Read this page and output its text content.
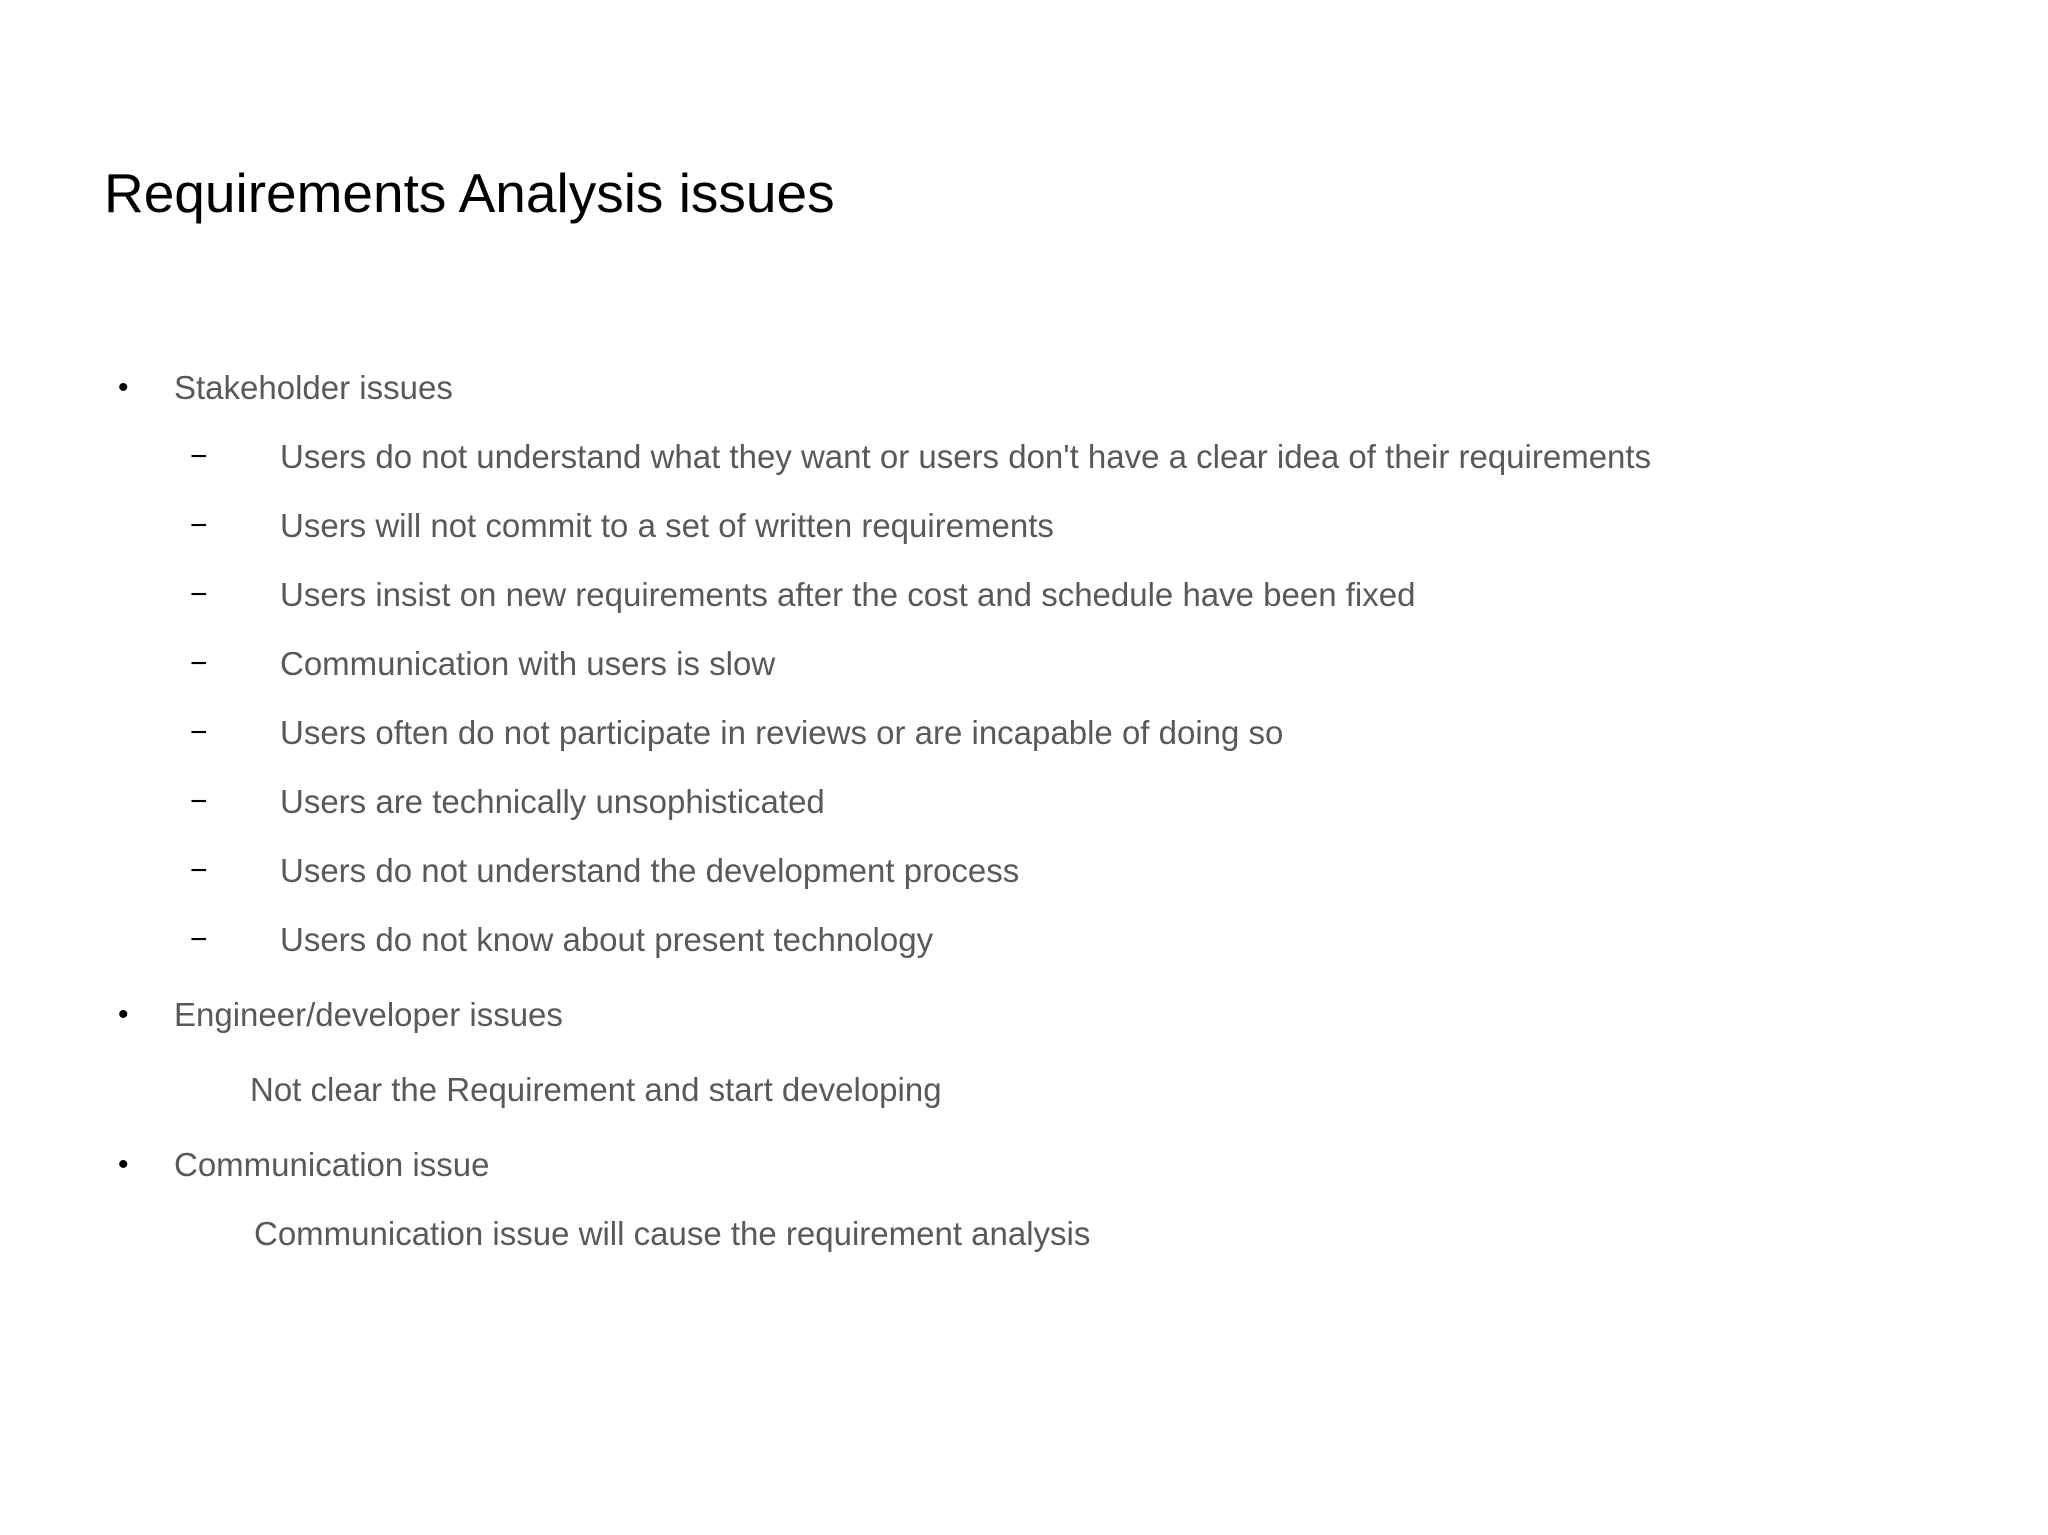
Requirements Analysis issues
• Stakeholder issues
− Users do not understand what they want or users don't have a clear idea of their requirements
− Users will not commit to a set of written requirements
− Users insist on new requirements after the cost and schedule have been fixed
− Communication with users is slow
− Users often do not participate in reviews or are incapable of doing so
− Users are technically unsophisticated
− Users do not understand the development process
− Users do not know about present technology
• Engineer/developer issues
Not clear the Requirement and start developing
• Communication issue
Communication issue will cause the requirement analysis
